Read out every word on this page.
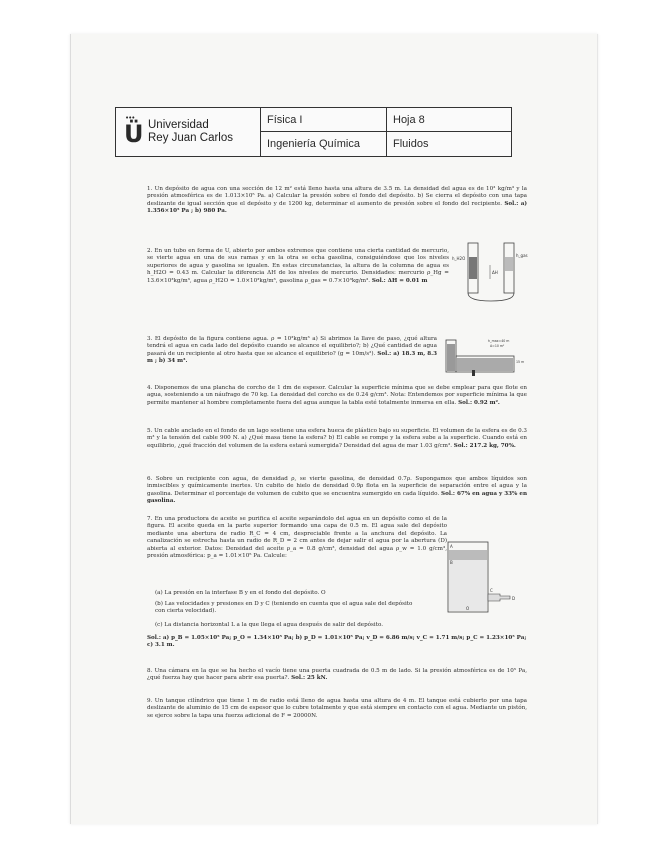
•••
Ü Universidad
Rey Juan Carlos
Física I
Ingeniería Química
Hoja 8
Fluidos
1. Un depósito de agua con una sección de 12 m² está lleno hasta una altura de 3.5 m. La densidad del agua es de 10³ kg/m³ y la presión atmosférica es de 1.013×10⁵ Pa. a) Calcular la presión sobre el fondo del depósito. b) Se cierra el depósito con una tapa deslizante de igual sección que el depósito y de 1200 kg, determinar el aumento de presión sobre el fondo del recipiente. Sol.: a) 1.356×10⁵ Pa ; b) 980 Pa.
2. En un tubo en forma de U, abierto por ambos extremos que contiene una cierta cantidad de mercurio, se vierte agua en una de sus ramas y en la otra se echa gasolina, consiguiéndose que los niveles superiores de agua y gasolina se igualen. En estas circunstancias, la altura de la columna de agua es h_H2O = 0.43 m. Calcular la diferencia ΔH de los niveles de mercurio. Densidades: mercurio ρ_Hg = 13.6×10³kg/m³, agua ρ_H2O = 1.0×10³kg/m³, gasolina ρ_gas = 0.7×10³kg/m³. Sol.: ΔH = 0.01 m
h_H2O
ΔH
h_gas
3. El depósito de la figura contiene agua. ρ = 10³kg/m³ a) Si abrimos la llave de paso, ¿qué altura tendrá el agua en cada lado del depósito cuando se alcance el equilibrio?; b) ¿Qué cantidad de agua pasará de un recipiente al otro hasta que se alcance el equilibrio? (g = 10m/s²). Sol.: a) 18.3 m, 8.3 m ; b) 34 m³.
h_max=40 m
A=10 m²
15 m
4. Disponemos de una plancha de corcho de 1 dm de espesor. Calcular la superficie mínima que se debe emplear para que flote en agua, sosteniendo a un náufrago de 70 kg. La densidad del corcho es de 0.24 g/cm³. Nota: Entendemos por superficie mínima la que permite mantener al hombre completamente fuera del agua aunque la tabla esté totalmente inmersa en ella. Sol.: 0.92 m².
5. Un cable anclado en el fondo de un lago sostiene una esfera hueca de plástico bajo su superficie. El volumen de la esfera es de 0.3 m³ y la tensión del cable 900 N. a) ¿Qué masa tiene la esfera? b) El cable se rompe y la esfera sube a la superficie. Cuando está en equilibrio, ¿qué fracción del volumen de la esfera estará sumergida? Densidad del agua de mar 1.03 g/cm³. Sol.: 217.2 kg, 70%.
6. Sobre un recipiente con agua, de densidad ρ, se vierte gasolina, de densidad 0.7ρ. Supongamos que ambos líquidos son inmiscibles y químicamente inertes. Un cubito de hielo de densidad 0.9ρ flota en la superficie de separación entre el agua y la gasolina. Determinar el porcentaje de volumen de cubito que se encuentra sumergido en cada líquido. Sol.: 67% en agua y 33% en gasolina.
7. En una productora de aceite se purifica el aceite separándolo del agua en un depósito como el de la figura. El aceite queda en la parte superior formando una capa de 0.5 m. El agua sale del depósito mediante una abertura de radio R_C = 4 cm, despreciable frente a la anchura del depósito. La canalización se estrecha hasta un radio de R_D = 2 cm antes de dejar salir el agua por la abertura (D) abierta al exterior. Datos: Densidad del aceite ρ_a = 0.8 g/cm³, densidad del agua ρ_w = 1.0 g/cm³, presión atmosférica: p_a = 1.01×10⁵ Pa. Calcule:
(a) La presión en la interfase B y en el fondo del depósito. O
(b) Las velocidades y presiones en D y C (teniendo en cuenta que el agua sale del depósito con cierta velocidad).
(c) La distancia horizontal L a la que llega el agua después de salir del depósito.
Sol.: a) p_B = 1.05×10⁵ Pa; p_O = 1.34×10⁵ Pa; b) p_D = 1.01×10⁵ Pa; v_D = 6.86 m/s; v_C = 1.71 m/s; p_C = 1.23×10⁵ Pa; c) 3.1 m.
A
B
C
D
O
8. Una cámara en la que se ha hecho el vacío tiene una puerta cuadrada de 0.5 m de lado. Si la presión atmosférica es de 10⁵ Pa, ¿qué fuerza hay que hacer para abrir esa puerta?. Sol.: 25 kN.
9. Un tanque cilíndrico que tiene 1 m de radio está lleno de agua hasta una altura de 4 m. El tanque está cubierto por una tapa deslizante de aluminio de 15 cm de espesor que lo cubre totalmente y que está siempre en contacto con el agua. Mediante un pistón, se ejerce sobre la tapa una fuerza adicional de F = 20000N.
